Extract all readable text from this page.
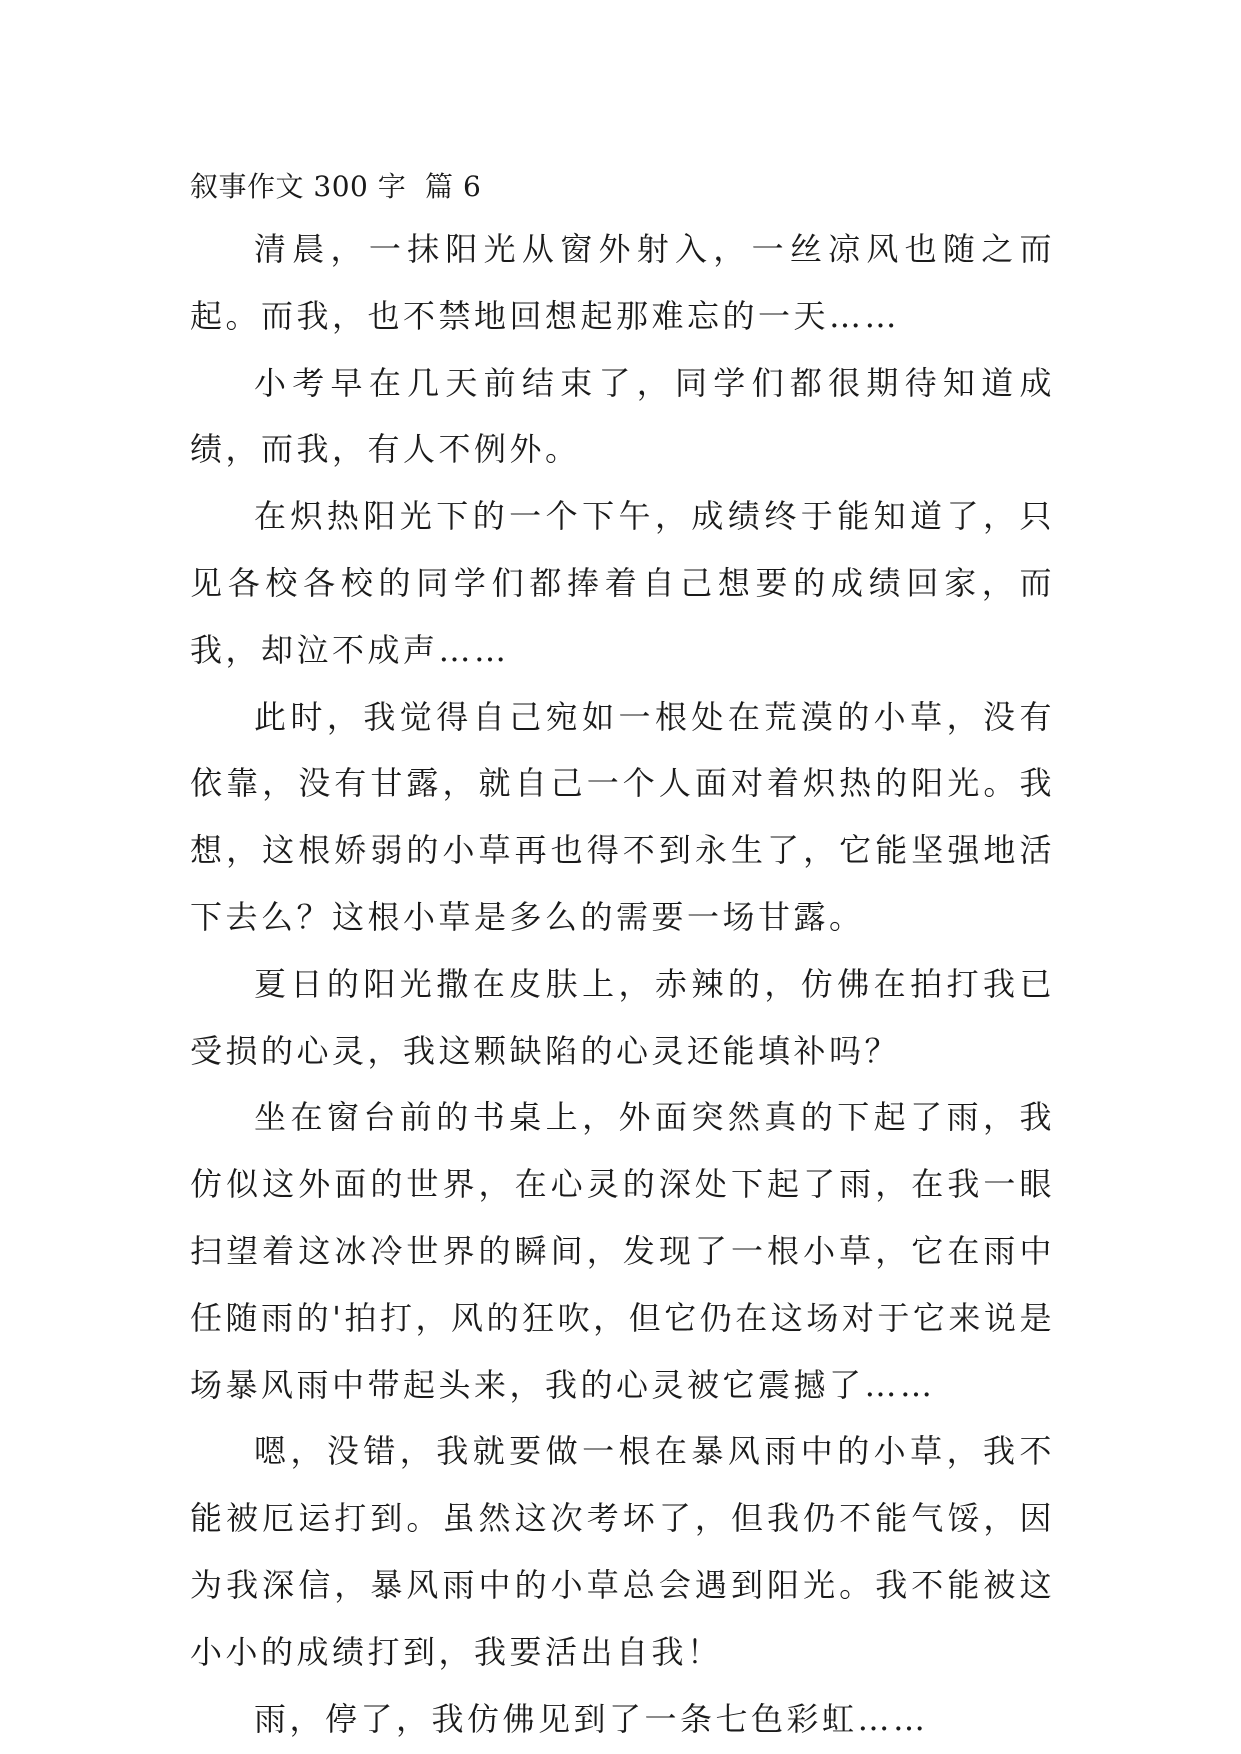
叙事作文 300 字  篇 6

清晨，一抹阳光从窗外射入，一丝凉风也随之而起。而我，也不禁地回想起那难忘的一天……

小考早在几天前结束了，同学们都很期待知道成绩，而我，有人不例外。

在炽热阳光下的一个下午，成绩终于能知道了，只见各校各校的同学们都捧着自己想要的成绩回家，而我，却泣不成声……

此时，我觉得自己宛如一根处在荒漠的小草，没有依靠，没有甘露，就自己一个人面对着炽热的阳光。我想，这根娇弱的小草再也得不到永生了，它能坚强地活下去么？这根小草是多么的需要一场甘露。

夏日的阳光撒在皮肤上，赤辣的，仿佛在拍打我已受损的心灵，我这颗缺陷的心灵还能填补吗？

坐在窗台前的书桌上，外面突然真的下起了雨，我仿似这外面的世界，在心灵的深处下起了雨，在我一眼扫望着这冰冷世界的瞬间，发现了一根小草，它在雨中任随雨的'拍打，风的狂吹，但它仍在这场对于它来说是场暴风雨中带起头来，我的心灵被它震撼了……

嗯，没错，我就要做一根在暴风雨中的小草，我不能被厄运打到。虽然这次考坏了，但我仍不能气馁，因为我深信，暴风雨中的小草总会遇到阳光。我不能被这小小的成绩打到，我要活出自我！

雨，停了，我仿佛见到了一条七色彩虹……
